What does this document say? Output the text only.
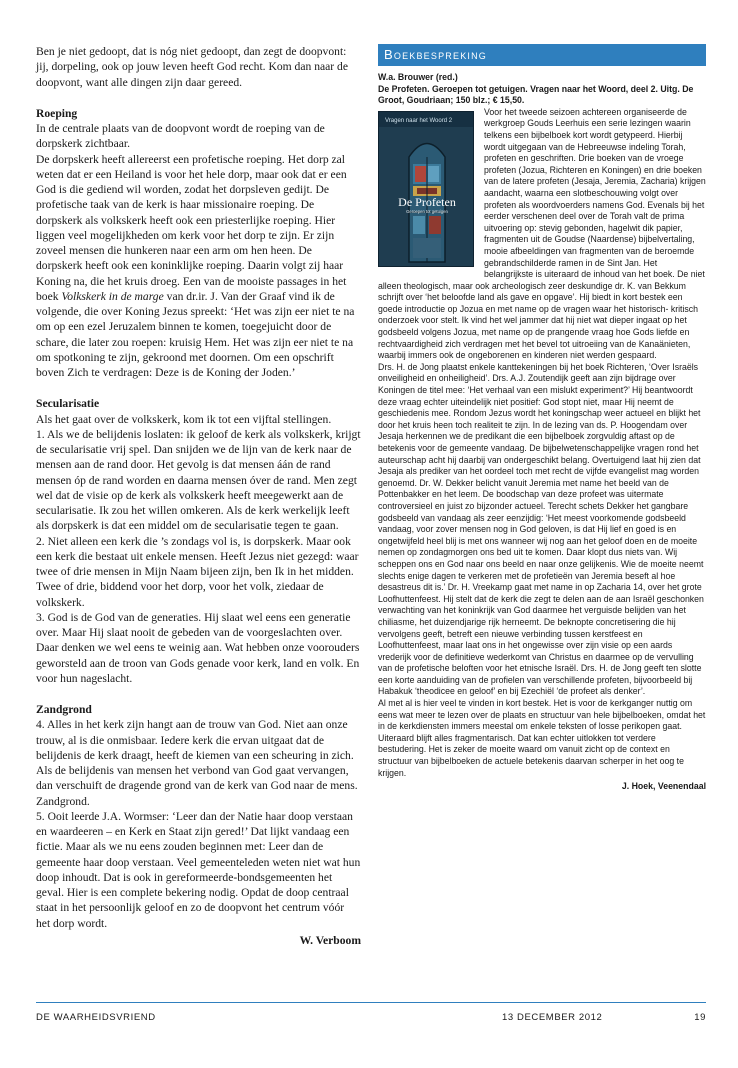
Ben je niet gedoopt, dat is nóg niet gedoopt, dan zegt de doopvont: jij, dorpeling, ook op jouw leven heeft God recht. Kom dan naar de doopvont, want alle dingen zijn daar gereed.

Roeping

In de centrale plaats van de doopvont wordt de roeping van de dorpskerk zichtbaar.

De dorpskerk heeft allereerst een profetische roeping. Het dorp zal weten dat er een Heiland is voor het hele dorp, maar ook dat er een God is die gediend wil worden, zodat het dorpsleven gedijt. De profetische taak van de kerk is haar missionaire roeping. De dorpskerk als volkskerk heeft ook een priesterlijke roeping. Hier liggen veel mogelijkheden om kerk voor het dorp te zijn. Er zijn zoveel mensen die hunkeren naar een arm om hen heen. De dorpskerk heeft ook een koninklijke roeping. Daarin volgt zij haar Koning na, die het kruis droeg. Een van de mooiste passages in het boek Volkskerk in de marge van dr.ir. J. Van der Graaf vind ik de volgende, die over Koning Jezus spreekt: ‘Het was zijn eer niet te na om op een ezel Jeruzalem binnen te komen, toegejuicht door de schare, die later zou roepen: kruisig Hem. Het was zijn eer niet te na om spotkoning te zijn, gekroond met doornen. Om een opschrift boven Zich te verdragen: Deze is de Koning der Joden.’

Secularisatie

Als het gaat over de volkskerk, kom ik tot een vijftal stellingen.

1. Als we de belijdenis loslaten: ik geloof de kerk als volkskerk, krijgt de secularisatie vrij spel. Dan snijden we de lijn van de kerk naar de mensen aan de rand door. Het gevolg is dat mensen áán de rand mensen óp de rand worden en daarna mensen óver de rand. Men zegt wel dat de visie op de kerk als volkskerk heeft meegewerkt aan de secularisatie. Ik zou het willen omkeren. Als de kerk werkelijk leeft als dorpskerk is dat een middel om de secularisatie tegen te gaan.

2. Niet alleen een kerk die ’s zondags vol is, is dorpskerk. Maar ook een kerk die bestaat uit enkele mensen. Heeft Jezus niet gezegd: waar twee of drie mensen in Mijn Naam bijeen zijn, ben Ik in het midden. Twee of drie, biddend voor het dorp, voor het volk, ziedaar de volkskerk.

3. God is de God van de generaties. Hij slaat wel eens een generatie over. Maar Hij slaat nooit de gebeden van de voorgeslachten over. Daar denken we wel eens te weinig aan. Wat hebben onze voorouders geworsteld aan de troon van Gods genade voor kerk, land en volk. En voor hun nageslacht.

Zandgrond

4. Alles in het kerk zijn hangt aan de trouw van God. Niet aan onze trouw, al is die onmisbaar. Iedere kerk die ervan uitgaat dat de belijdenis de kerk draagt, heeft de kiemen van een scheuring in zich. Als de belijdenis van mensen het verbond van God gaat vervangen, dan verschuift de dragende grond van de kerk van God naar de mens. Zandgrond.

5. Ooit leerde J.A. Wormser: ‘Leer dan der Natie haar doop verstaan en waardeeren – en Kerk en Staat zijn gered!’ Dat lijkt vandaag een fictie. Maar als we nu eens zouden beginnen met: Leer dan de gemeente haar doop verstaan. Veel gemeenteleden weten niet wat hun doop inhoudt. Dat is ook in gereformeerde-bondsgemeenten het geval. Hier is een complete bekering nodig. Opdat de doop centraal staat in het persoonlijk geloof en zo de doopvont het centrum vóór het dorp wordt.

W. Verboom

Boekbespreking

W.a. Brouwer (red.)

De Profeten. Geroepen tot getuigen. Vragen naar het Woord, deel 2. Uitg. De Groot, Goudriaan; 150 blz.; € 15,50.

Vragen naar het Woord 2
De Profeten
Geroepen tot getuigen
Voor het tweede seizoen achtereen organiseerde de werkgroep Gouds Leerhuis een serie lezingen waarin telkens een bijbelboek kort wordt getypeerd. Hierbij wordt uitgegaan van de Hebreeuwse indeling Torah, profeten en geschriften. Drie boeken van de vroege profeten (Jozua, Richteren en Koningen) en drie boeken van de latere profeten (Jesaja, Jeremia, Zacharia) krijgen aandacht, waarna een slotbeschouwing volgt over profeten als woordvoerders namens God. Evenals bij het eerder verschenen deel over de Torah valt de prima uitvoering op: stevig gebonden, hagelwit dik papier, fragmenten uit de Goudse (Naardense) bijbelvertaling, mooie afbeeldingen van fragmenten van de beroemde gebrandschilderde ramen in de Sint Jan. Het belangrijkste is uiteraard de inhoud van het boek. De niet alleen theologisch, maar ook archeologisch zeer deskundige dr. K. van Bekkum schrijft over ‘het beloofde land als gave en opgave’. Hij biedt in kort bestek een goede introductie op Jozua en met name op de vragen waar het historisch- kritisch onderzoek voor stelt. Ik vind het wel jammer dat hij niet wat dieper ingaat op het godsbeeld volgens Jozua, met name op de prangende vraag hoe Gods liefde en rechtvaardigheid zich verdragen met het bevel tot uitroeiing van de Kanaänieten, waarbij immers ook de ongeborenen en kinderen niet werden gespaard.

Drs. H. de Jong plaatst enkele kanttekeningen bij het boek Richteren, ‘Over Israëls onveiligheid en onheiligheid’. Drs. A.J. Zoutendijk geeft aan zijn bijdrage over Koningen de titel mee: ‘Het verhaal van een mislukt experiment?’ Hij beantwoordt deze vraag echter uiteindelijk niet positief: God stopt niet, maar Hij neemt de geschiedenis mee. Rondom Jezus wordt het koningschap weer actueel en blijkt het door het kruis heen toch realiteit te zijn. In de lezing van ds. P. Hoogendam over Jesaja herkennen we de predikant die een bijbelboek zorgvuldig aftast op de betekenis voor de gemeente vandaag. De bijbelwetenschappelijke vragen rond het auteurschap acht hij daarbij van ondergeschikt belang. Overtuigend laat hij zien dat Jesaja als prediker van het oordeel toch met recht de vijfde evangelist mag worden genoemd. Dr. W. Dekker belicht vanuit Jeremia met name het beeld van de Pottenbakker en het leem. De boodschap van deze profeet was uitermate controversieel en juist zo bijzonder actueel. Terecht schets Dekker het gangbare godsbeeld van vandaag als zeer eenzijdig: ‘Het meest voorkomende godsbeeld vandaag, voor zover mensen nog in God geloven, is dat Hij lief en goed is en ongetwijfeld heel blij is met ons wanneer wij nog aan het geloof doen en de moeite nemen op zondagmorgen ons bed uit te komen. Daar klopt dus niets van. Wij scheppen ons en God naar ons beeld en naar onze gelijkenis. Wie de moeite neemt slechts enige dagen te verkeren met de profetieën van Jeremia beseft al hoe desastreus dit is.’ Dr. H. Vreekamp gaat met name in op Zacharia 14, over het grote Loofhuttenfeest. Hij stelt dat de kerk die zegt te delen aan de aan Israël geschonken verwachting van het koninkrijk van God daarmee het verguisde belijden van het chiliasme, het duizendjarige rijk herneemt. De beknopte concretisering die hij vervolgens geeft, betreft een nieuwe verbinding tussen kerstfeest en Loofhuttenfeest, maar laat ons in het ongewisse over zijn visie op een aards vrederijk voor de definitieve wederkomt van Christus en daarmee op de vervulling van de profetische beloften voor het etnische Israël. Drs. H. de Jong geeft ten slotte een korte aanduiding van de profielen van verschillende profeten, bijvoorbeeld bij Habakuk ‘theodicee en geloof’ en bij Ezechiël ‘de profeet als denker’.

Al met al is hier veel te vinden in kort bestek. Het is voor de kerkganger nuttig om eens wat meer te lezen over de plaats en structuur van hele bijbelboeken, omdat het in de kerkdiensten immers meestal om enkele teksten of losse perikopen gaat. Uiteraard blijft alles fragmentarisch. Dat kan echter uitlokken tot verdere bestudering. Het is zeker de moeite waard om vanuit zicht op de context en structuur van bijbelboeken de actuele betekenis daarvan scherper in het oog te krijgen.

J. Hoek, Veenendaal

DE WAARHEIDSVRIEND	13 DECEMBER 2012	19
